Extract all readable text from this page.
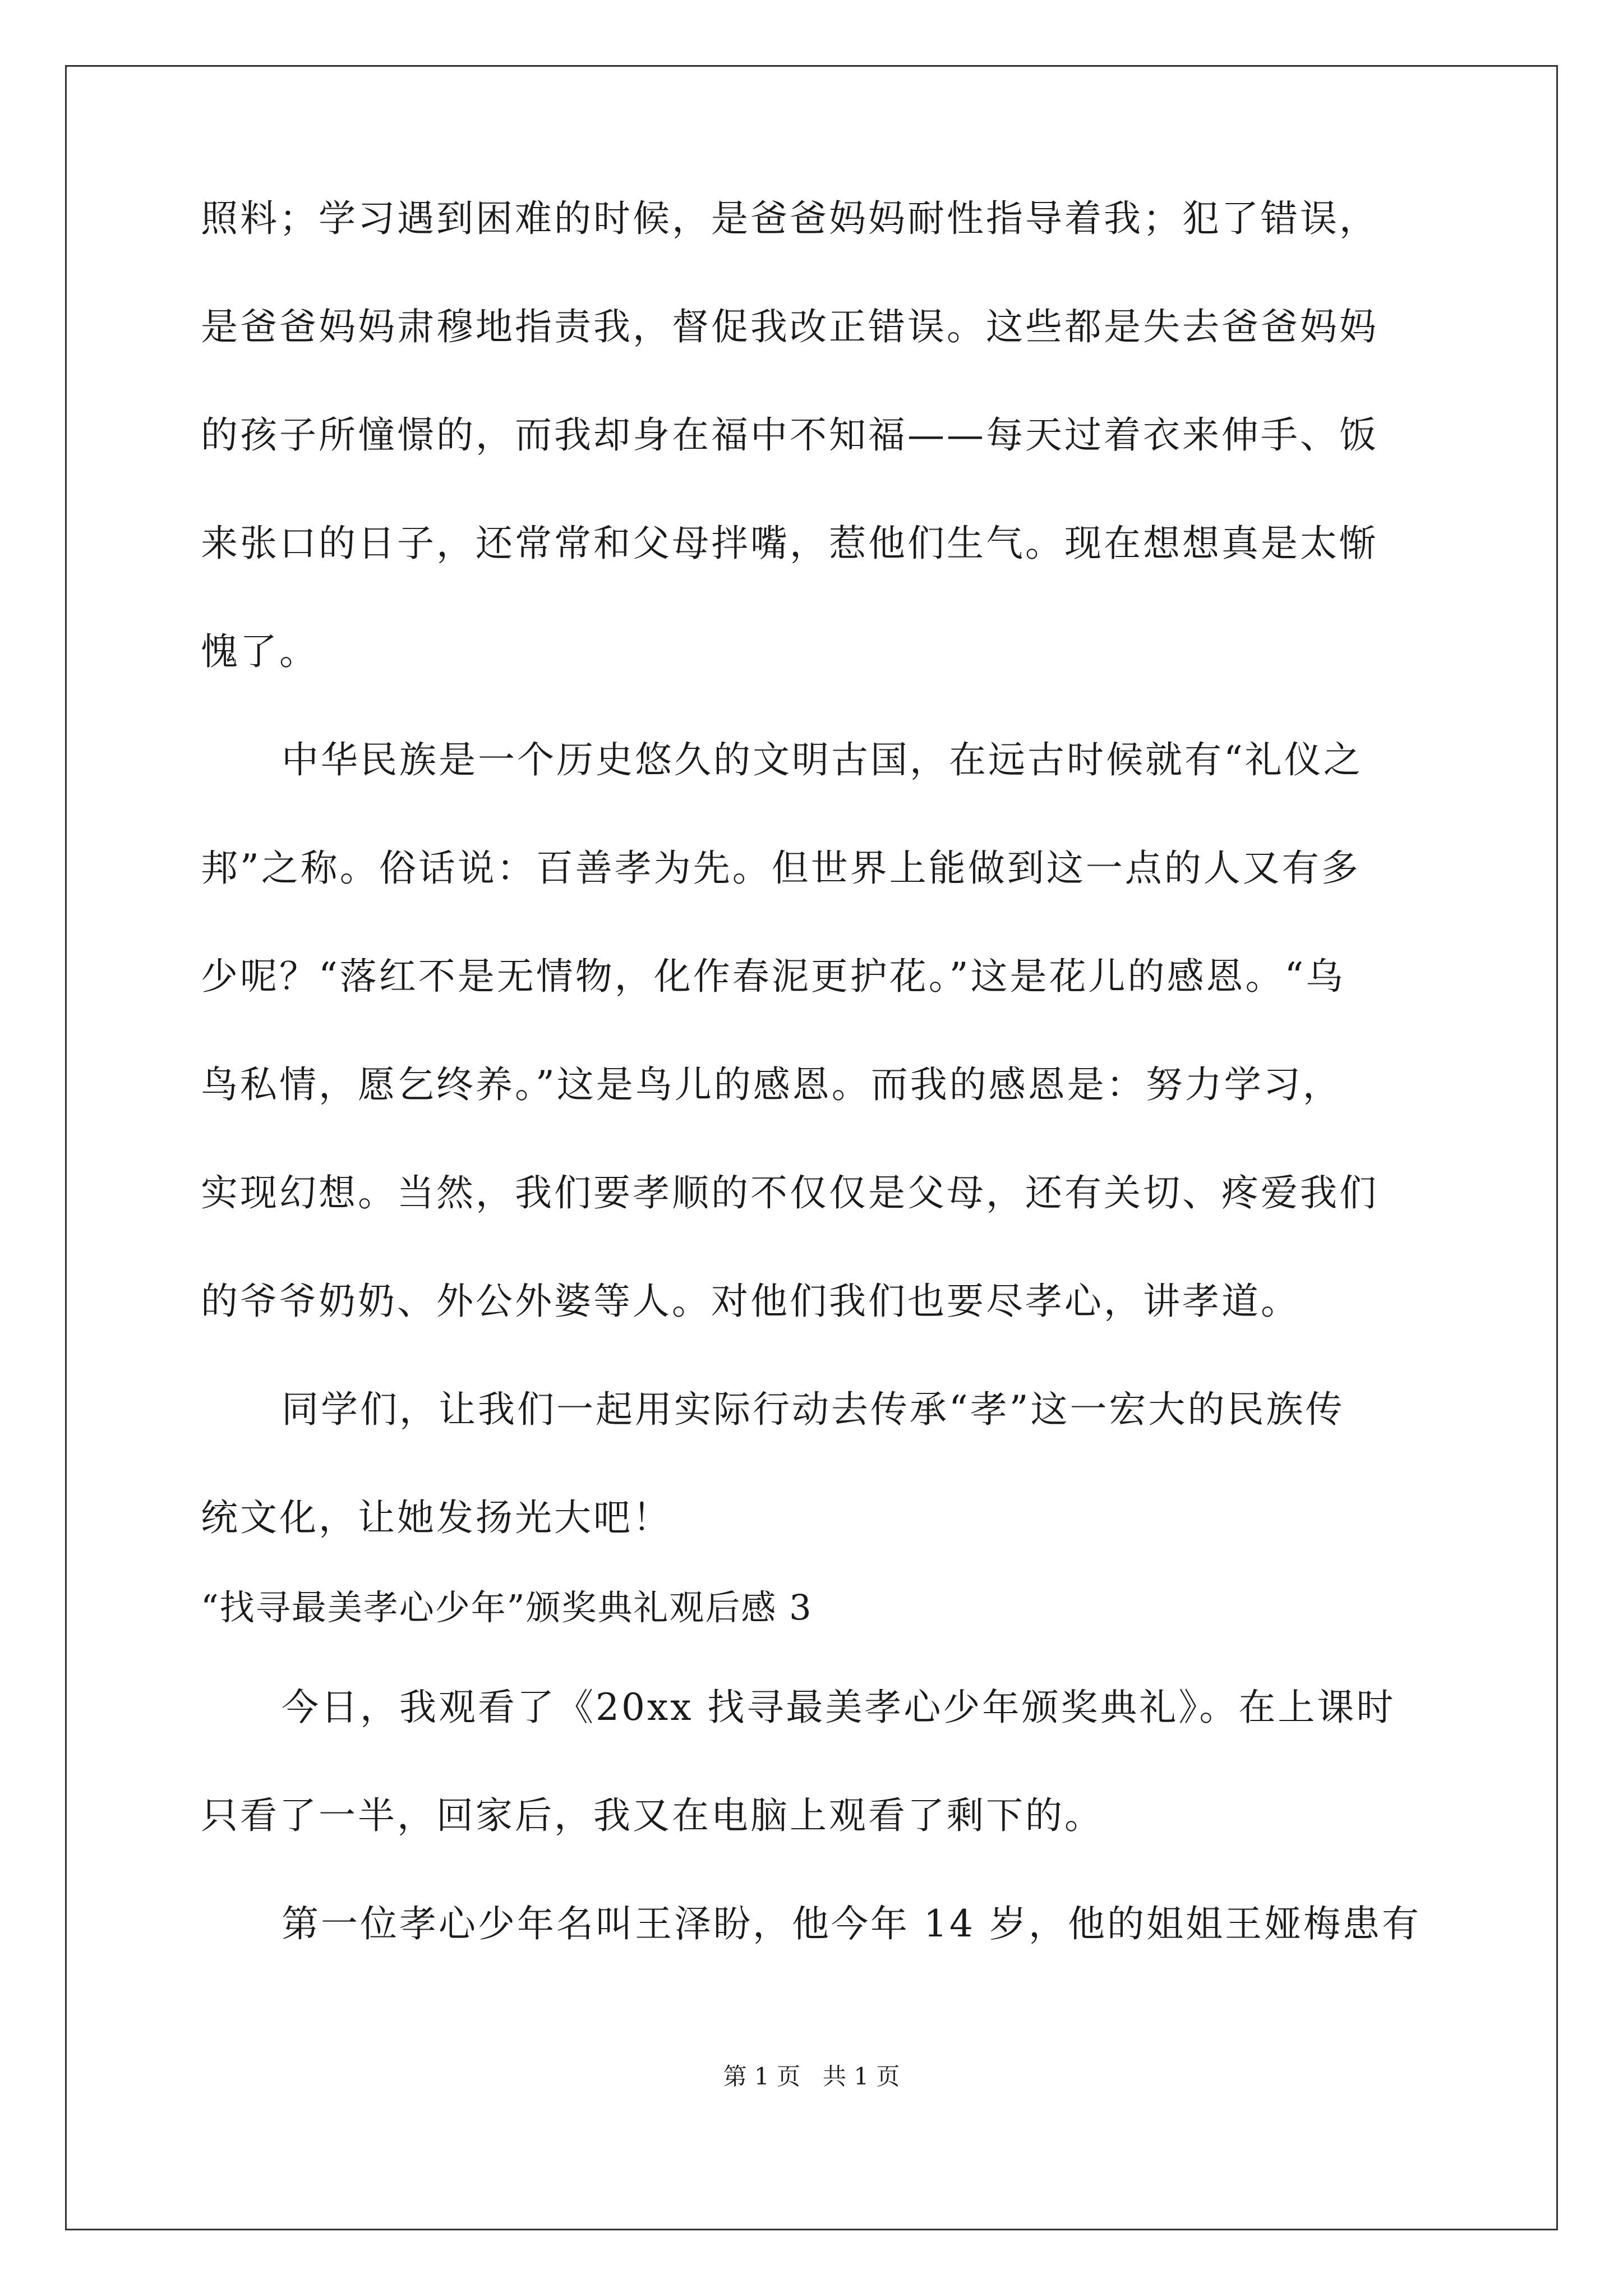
照料；学习遇到困难的时候，是爸爸妈妈耐性指导着我；犯了错误，
是爸爸妈妈肃穆地指责我，督促我改正错误。这些都是失去爸爸妈妈
的孩子所憧憬的，而我却身在福中不知福——每天过着衣来伸手、饭
来张口的日子，还常常和父母拌嘴，惹他们生气。现在想想真是太惭
愧了。
中华民族是一个历史悠久的文明古国，在远古时候就有“礼仪之
邦”之称。俗话说：百善孝为先。但世界上能做到这一点的人又有多
少呢？“落红不是无情物，化作春泥更护花。”这是花儿的感恩。“乌
鸟私情，愿乞终养。”这是鸟儿的感恩。而我的感恩是：努力学习，
实现幻想。当然，我们要孝顺的不仅仅是父母，还有关切、疼爱我们
的爷爷奶奶、外公外婆等人。对他们我们也要尽孝心，讲孝道。
同学们，让我们一起用实际行动去传承“孝”这一宏大的民族传
统文化，让她发扬光大吧！
“找寻最美孝心少年”颁奖典礼观后感 3
今日，我观看了《20xx 找寻最美孝心少年颁奖典礼》。在上课时
只看了一半，回家后，我又在电脑上观看了剩下的。
第一位孝心少年名叫王泽盼，他今年 14 岁，他的姐姐王娅梅患有
第 1 页 共 1 页
